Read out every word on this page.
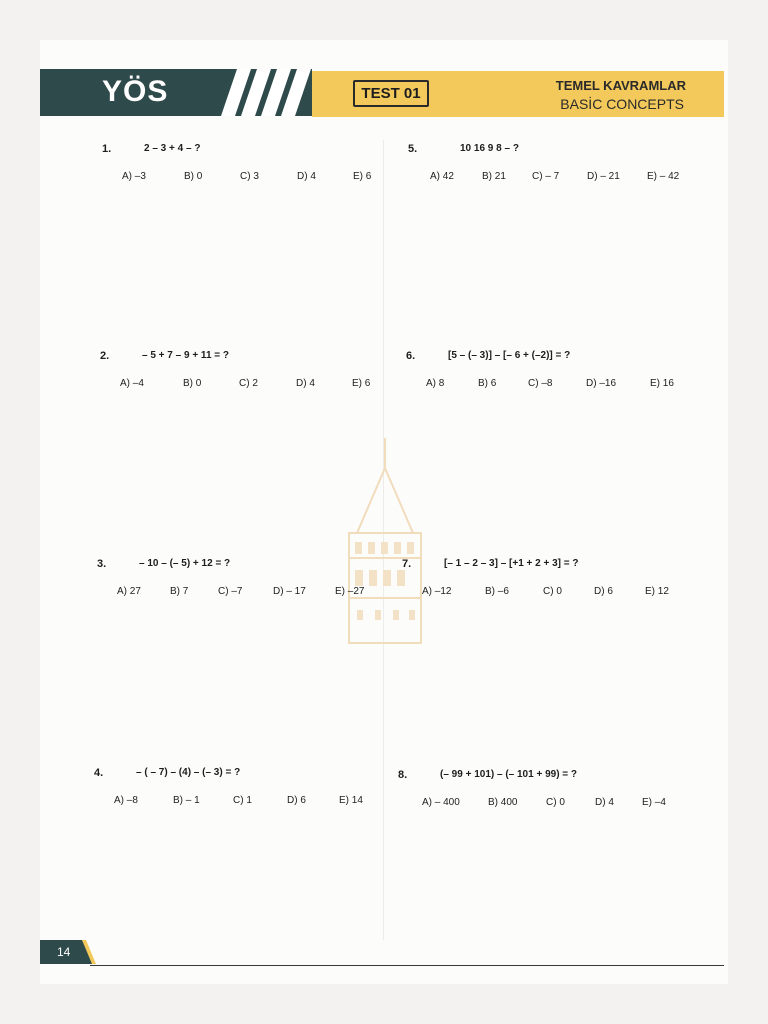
YÖS	TEST 01	TEMEL KAVRAMLAR
BASİC CONCEPTS
1.	2 – 3 + 4 – ?
A) –3	B) 0	C) 3	D) 4	E) 6
2.	– 5 + 7 – 9 + 11 = ?
A) –4	B) 0	C) 2	D) 4	E) 6
3.	– 10 – (– 5) + 12 = ?
A) 27	B) 7	C) –7	D) – 17	E) –27
4.	– ( – 7) – (4) – (– 3) = ?
A) –8	B) – 1	C) 1	D) 6	E) 14
5.	10 16 9 8 – ?
A) 42	B) 21	C) – 7	D) – 21	E) – 42
6.	[5 – (– 3)] – [– 6 + (–2)] = ?
A) 8	B) 6	C) –8	D) –16	E) 16
7.	[– 1 – 2 – 3] – [+1 + 2 + 3] = ?
A) –12	B) –6	C) 0	D) 6	E) 12
8.	(– 99 + 101) – (– 101 + 99) = ?
A) – 400	B) 400	C) 0	D) 4	E) –4
14
